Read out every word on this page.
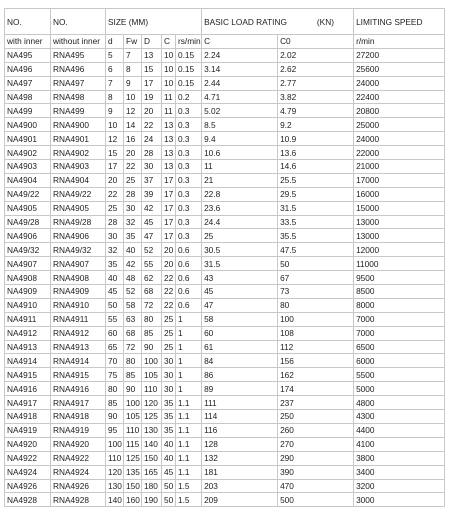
NO.	NO.	SIZE (MM)					BASIC LOAD RATING (KN)		LIMITING SPEED
with inner	without inner	d	Fw	D	C	rs/min	C	C0	r/min
NA495	RNA495	5	7	13	10	0.15	2.24	2.02	27200
NA496	RNA496	6	8	15	10	0.15	3.14	2.62	25600
NA497	RNA497	7	9	17	10	0.15	2.44	2.77	24000
NA498	RNA498	8	10	19	11	0.2	4.71	3.82	22400
NA499	RNA499	9	12	20	11	0.3	5.02	4.79	20800
NA4900	RNA4900	10	14	22	13	0.3	8.5	9.2	25000
NA4901	RNA4901	12	16	24	13	0.3	9.4	10.9	24000
NA4902	RNA4902	15	20	28	13	0.3	10.6	13.6	22000
NA4903	RNA4903	17	22	30	13	0.3	11	14.6	21000
NA4904	RNA4904	20	25	37	17	0.3	21	25.5	17000
NA49/22	RNA49/22	22	28	39	17	0.3	22.8	29.5	16000
NA4905	RNA4905	25	30	42	17	0.3	23.6	31.5	15000
NA49/28	RNA49/28	28	32	45	17	0.3	24.4	33.5	13000
NA4906	RNA4906	30	35	47	17	0.3	25	35.5	13000
NA49/32	RNA49/32	32	40	52	20	0.6	30.5	47.5	12000
NA4907	RNA4907	35	42	55	20	0.6	31.5	50	11000
NA4908	RNA4908	40	48	62	22	0.6	43	67	9500
NA4909	RNA4909	45	52	68	22	0.6	45	73	8500
NA4910	RNA4910	50	58	72	22	0.6	47	80	8000
NA4911	RNA4911	55	63	80	25	1	58	100	7000
NA4912	RNA4912	60	68	85	25	1	60	108	7000
NA4913	RNA4913	65	72	90	25	1	61	112	6500
NA4914	RNA4914	70	80	100	30	1	84	156	6000
NA4915	RNA4915	75	85	105	30	1	86	162	5500
NA4916	RNA4916	80	90	110	30	1	89	174	5000
NA4917	RNA4917	85	100	120	35	1.1	111	237	4800
NA4918	RNA4918	90	105	125	35	1.1	114	250	4300
NA4919	RNA4919	95	110	130	35	1.1	116	260	4400
NA4920	RNA4920	100	115	140	40	1.1	128	270	4100
NA4922	RNA4922	110	125	150	40	1.1	132	290	3800
NA4924	RNA4924	120	135	165	45	1.1	181	390	3400
NA4926	RNA4926	130	150	180	50	1.5	203	470	3200
NA4928	RNA4928	140	160	190	50	1.5	209	500	3000
